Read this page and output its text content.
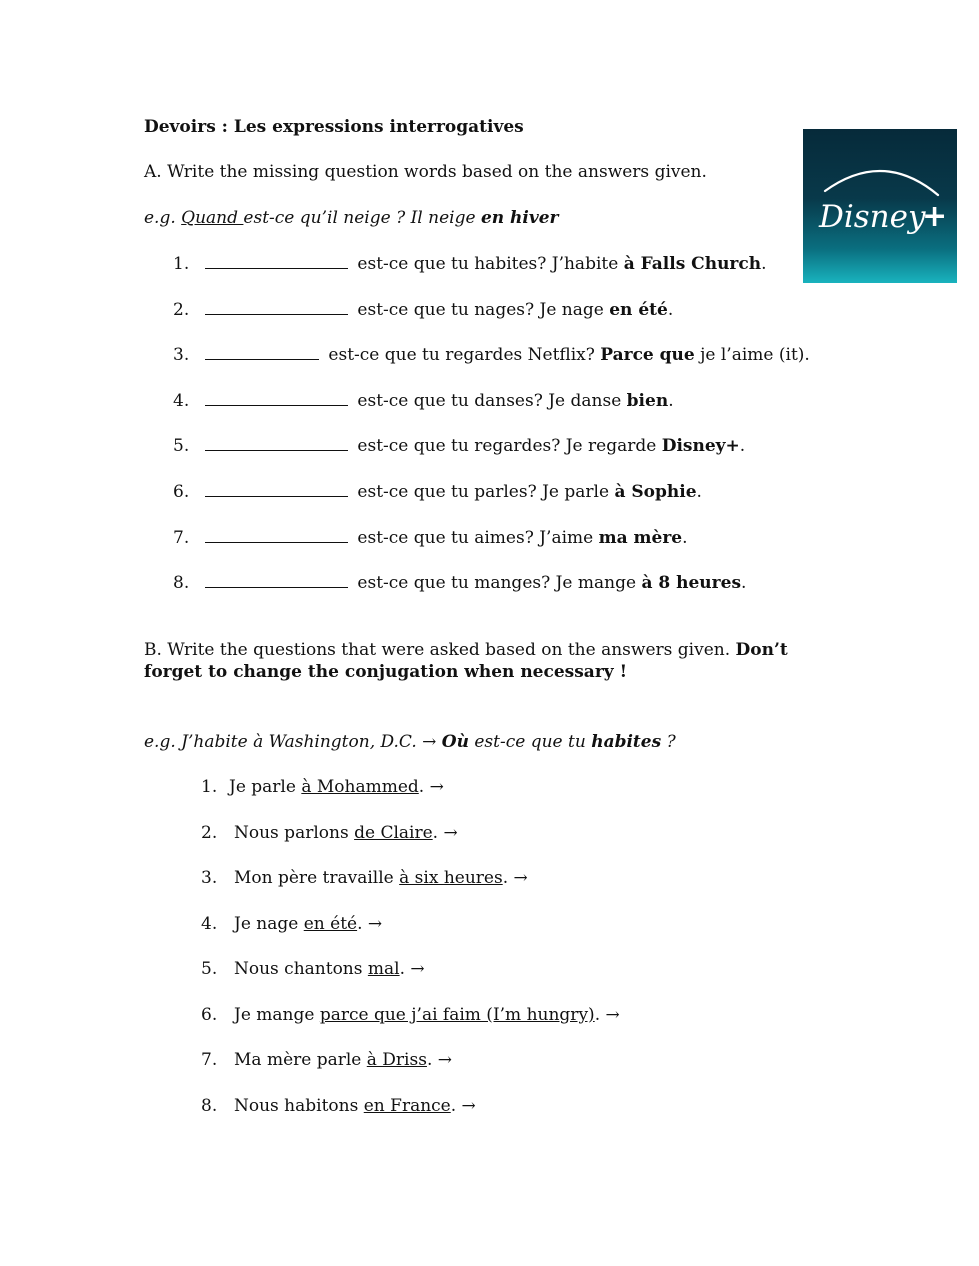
Devoirs : Les expressions interrogatives
A. Write the missing question words based on the answers given.
e.g. Quand est-ce qu’il neige ? Il neige en hiver
1.	est-ce que tu habites? J’habite à Falls Church.
2.	est-ce que tu nages? Je nage en été.
3.	est-ce que tu regardes Netflix? Parce que je l’aime (it).
4.	est-ce que tu danses? Je danse bien.
5.	est-ce que tu regardes? Je regarde Disney+.
6.	est-ce que tu parles? Je parle à Sophie.
7.	est-ce que tu aimes? J’aime ma mère.
8.	est-ce que tu manges? Je mange à 8 heures.
B. Write the questions that were asked based on the answers given. Don’t forget to change the conjugation when necessary !
e.g. J’habite à Washington, D.C. → Où est-ce que tu habites ?
1. Je parle à Mohammed. →
2. Nous parlons de Claire. →
3. Mon père travaille à six heures. →
4. Je nage en été. →
5. Nous chantons mal. →
6. Je mange parce que j’ai faim (I’m hungry). →
7. Ma mère parle à Driss. →
8. Nous habitons en France. →
Disney
+
